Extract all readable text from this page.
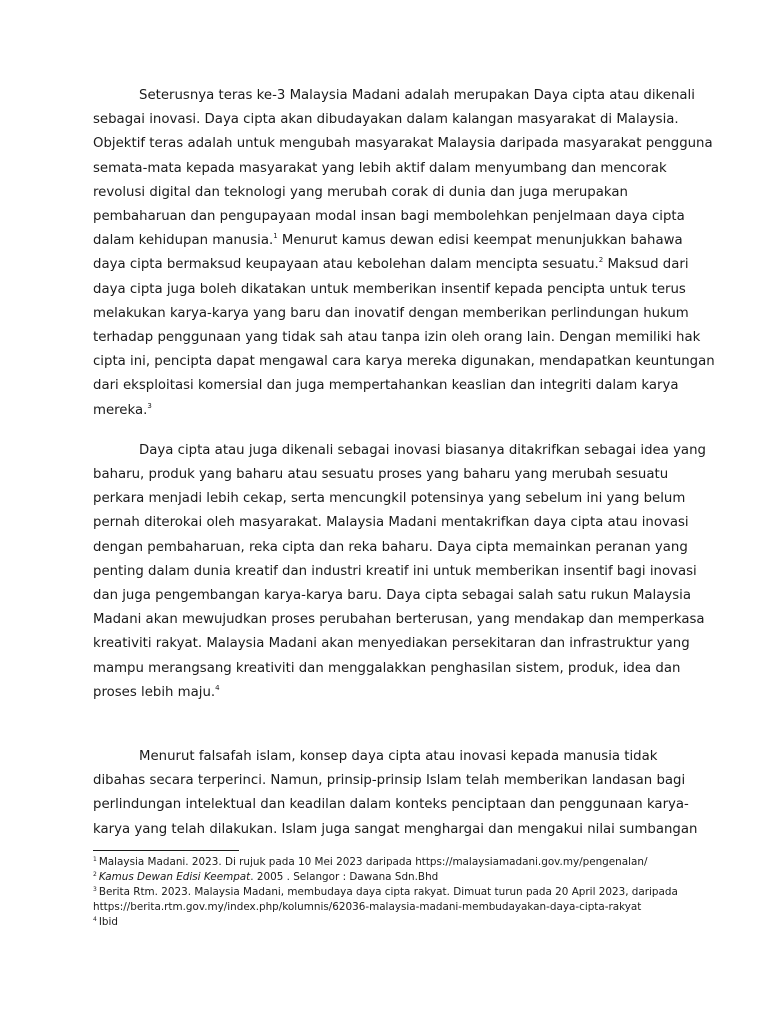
Seterusnya teras ke-3 Malaysia Madani adalah merupakan Daya cipta atau dikenali
sebagai inovasi. Daya cipta akan dibudayakan dalam kalangan masyarakat di Malaysia.
Objektif teras adalah untuk mengubah masyarakat Malaysia daripada masyarakat pengguna
semata-mata kepada masyarakat yang lebih aktif dalam menyumbang dan mencorak
revolusi digital dan teknologi yang merubah corak di dunia dan juga merupakan
pembaharuan dan pengupayaan modal insan bagi membolehkan penjelmaan daya cipta
dalam kehidupan manusia.$^1$ Menurut kamus dewan edisi keempat menunjukkan bahawa
daya cipta bermaksud keupayaan atau kebolehan dalam mencipta sesuatu.$^2$ Maksud dari
daya cipta juga boleh dikatakan untuk memberikan insentif kepada pencipta untuk terus
melakukan karya-karya yang baru dan inovatif dengan memberikan perlindungan hukum
terhadap penggunaan yang tidak sah atau tanpa izin oleh orang lain. Dengan memiliki hak
cipta ini, pencipta dapat mengawal cara karya mereka digunakan, mendapatkan keuntungan
dari eksploitasi komersial dan juga mempertahankan keaslian dan integriti dalam karya
mereka.$^3$

Daya cipta atau juga dikenali sebagai inovasi biasanya ditakrifkan sebagai idea yang
baharu, produk yang baharu atau sesuatu proses yang baharu yang merubah sesuatu
perkara menjadi lebih cekap, serta mencungkil potensinya yang sebelum ini yang belum
pernah diterokai oleh masyarakat. Malaysia Madani mentakrifkan daya cipta atau inovasi
dengan pembaharuan, reka cipta dan reka baharu. Daya cipta memainkan peranan yang
penting dalam dunia kreatif dan industri kreatif ini untuk memberikan insentif bagi inovasi
dan juga pengembangan karya-karya baru. Daya cipta sebagai salah satu rukun Malaysia
Madani akan mewujudkan proses perubahan berterusan, yang mendakap dan memperkasa
kreativiti rakyat. Malaysia Madani akan menyediakan persekitaran dan infrastruktur yang
mampu merangsang kreativiti dan menggalakkan penghasilan sistem, produk, idea dan
proses lebih maju.$^4$

Menurut falsafah islam, konsep daya cipta atau inovasi kepada manusia tidak
dibahas secara terperinci. Namun, prinsip-prinsip Islam telah memberikan landasan bagi
perlindungan intelektual dan keadilan dalam konteks penciptaan dan penggunaan karya-
karya yang telah dilakukan. Islam juga sangat menghargai dan mengakui nilai sumbangan

$^1$ Malaysia Madani. 2023. Di rujuk pada 10 Mei 2023 daripada https://malaysiamadani.gov.my/pengenalan/
$^2$ Kamus Dewan Edisi Keempat. 2005 . Selangor : Dawana Sdn.Bhd
$^3$ Berita Rtm. 2023. Malaysia Madani, membudaya daya cipta rakyat. Dimuat turun pada 20 April 2023, daripada
https://berita.rtm.gov.my/index.php/kolumnis/62036-malaysia-madani-membudayakan-daya-cipta-rakyat
$^4$ Ibid
